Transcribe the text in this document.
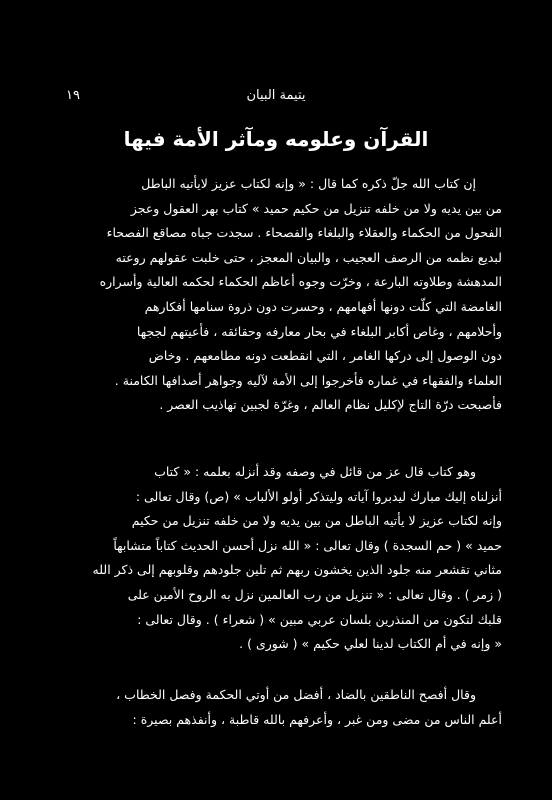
١٩	يتيمة البيان
القرآن وعلومه ومآثر الأمة فيها

إن كتاب الله جلّ ذكره كما قال : « وإنه لكتاب عزيز لايأتيه الباطل
من بين يديه ولا من خلفه تنزيل من حكيم حميد » كتاب بهر العقول وعجز
الفحول من الحكماء والعقلاء والبلغاء والفصحاء . سجدت جباه مصاقع الفصحاء
لبديع نظمه من الرصف العجيب ، والبيان المعجز ، حتى خلبت عقولهم روعته
المدهشة وطلاوته البارعة ، وخرّت وجوه أعاظم الحكماء لحكمه العالية وأسراره
الغامضة التي كلّت دونها أفهامهم ، وحسرت دون ذروة سنامها أفكارهم
وأحلامهم ، وغاص أكابر البلغاء في بحار معارفه وحقائقه ، فأعيتهم لججها
دون الوصول إلى دركها الغامر ، التي انقطعت دونه مطامعهم . وخاض
العلماء والفقهاء في غماره فأخرجوا إلى الأمة لآليه وجواهر أصدافها الكامنة .
فأصبحت درّة التاج لإكليل نظام العالم ، وغرّة لجبين تهاذيب العصر .

وهو كتاب قال عز من قائل في وصفه وقد أنزله بعلمه : « كتاب
أنزلناه إليك مبارك ليدبروا آياته وليتذكر أولو الألباب » (ص) وقال تعالى :
وإنه لكتاب عزيز لا يأتيه الباطل من بين يديه ولا من خلفه تنزيل من حكيم
حميد » ( حم السجدة ) وقال تعالى : « الله نزل أحسن الحديث كتاباً متشابهاً
مثاني تقشعر منه جلود الذين يخشون ربهم ثم تلين جلودهم وقلوبهم إلى ذكر الله
( زمر ) . وقال تعالى : « تنزيل من رب العالمين نزل به الروح الأمين على
قلبك لتكون من المنذرين بلسان عربي مبين » ( شعراء ) . وقال تعالى :
« وإنه في أم الكتاب لدينا لعلي حكيم » ( شورى ) .

وقال أفصح الناطقين بالضاد ، أفضل من أوتي الحكمة وفصل الخطاب ،
أعلم الناس من مضى ومن غبر ، وأعرفهم بالله قاطبة ، وأنفذهم بصيرة :
